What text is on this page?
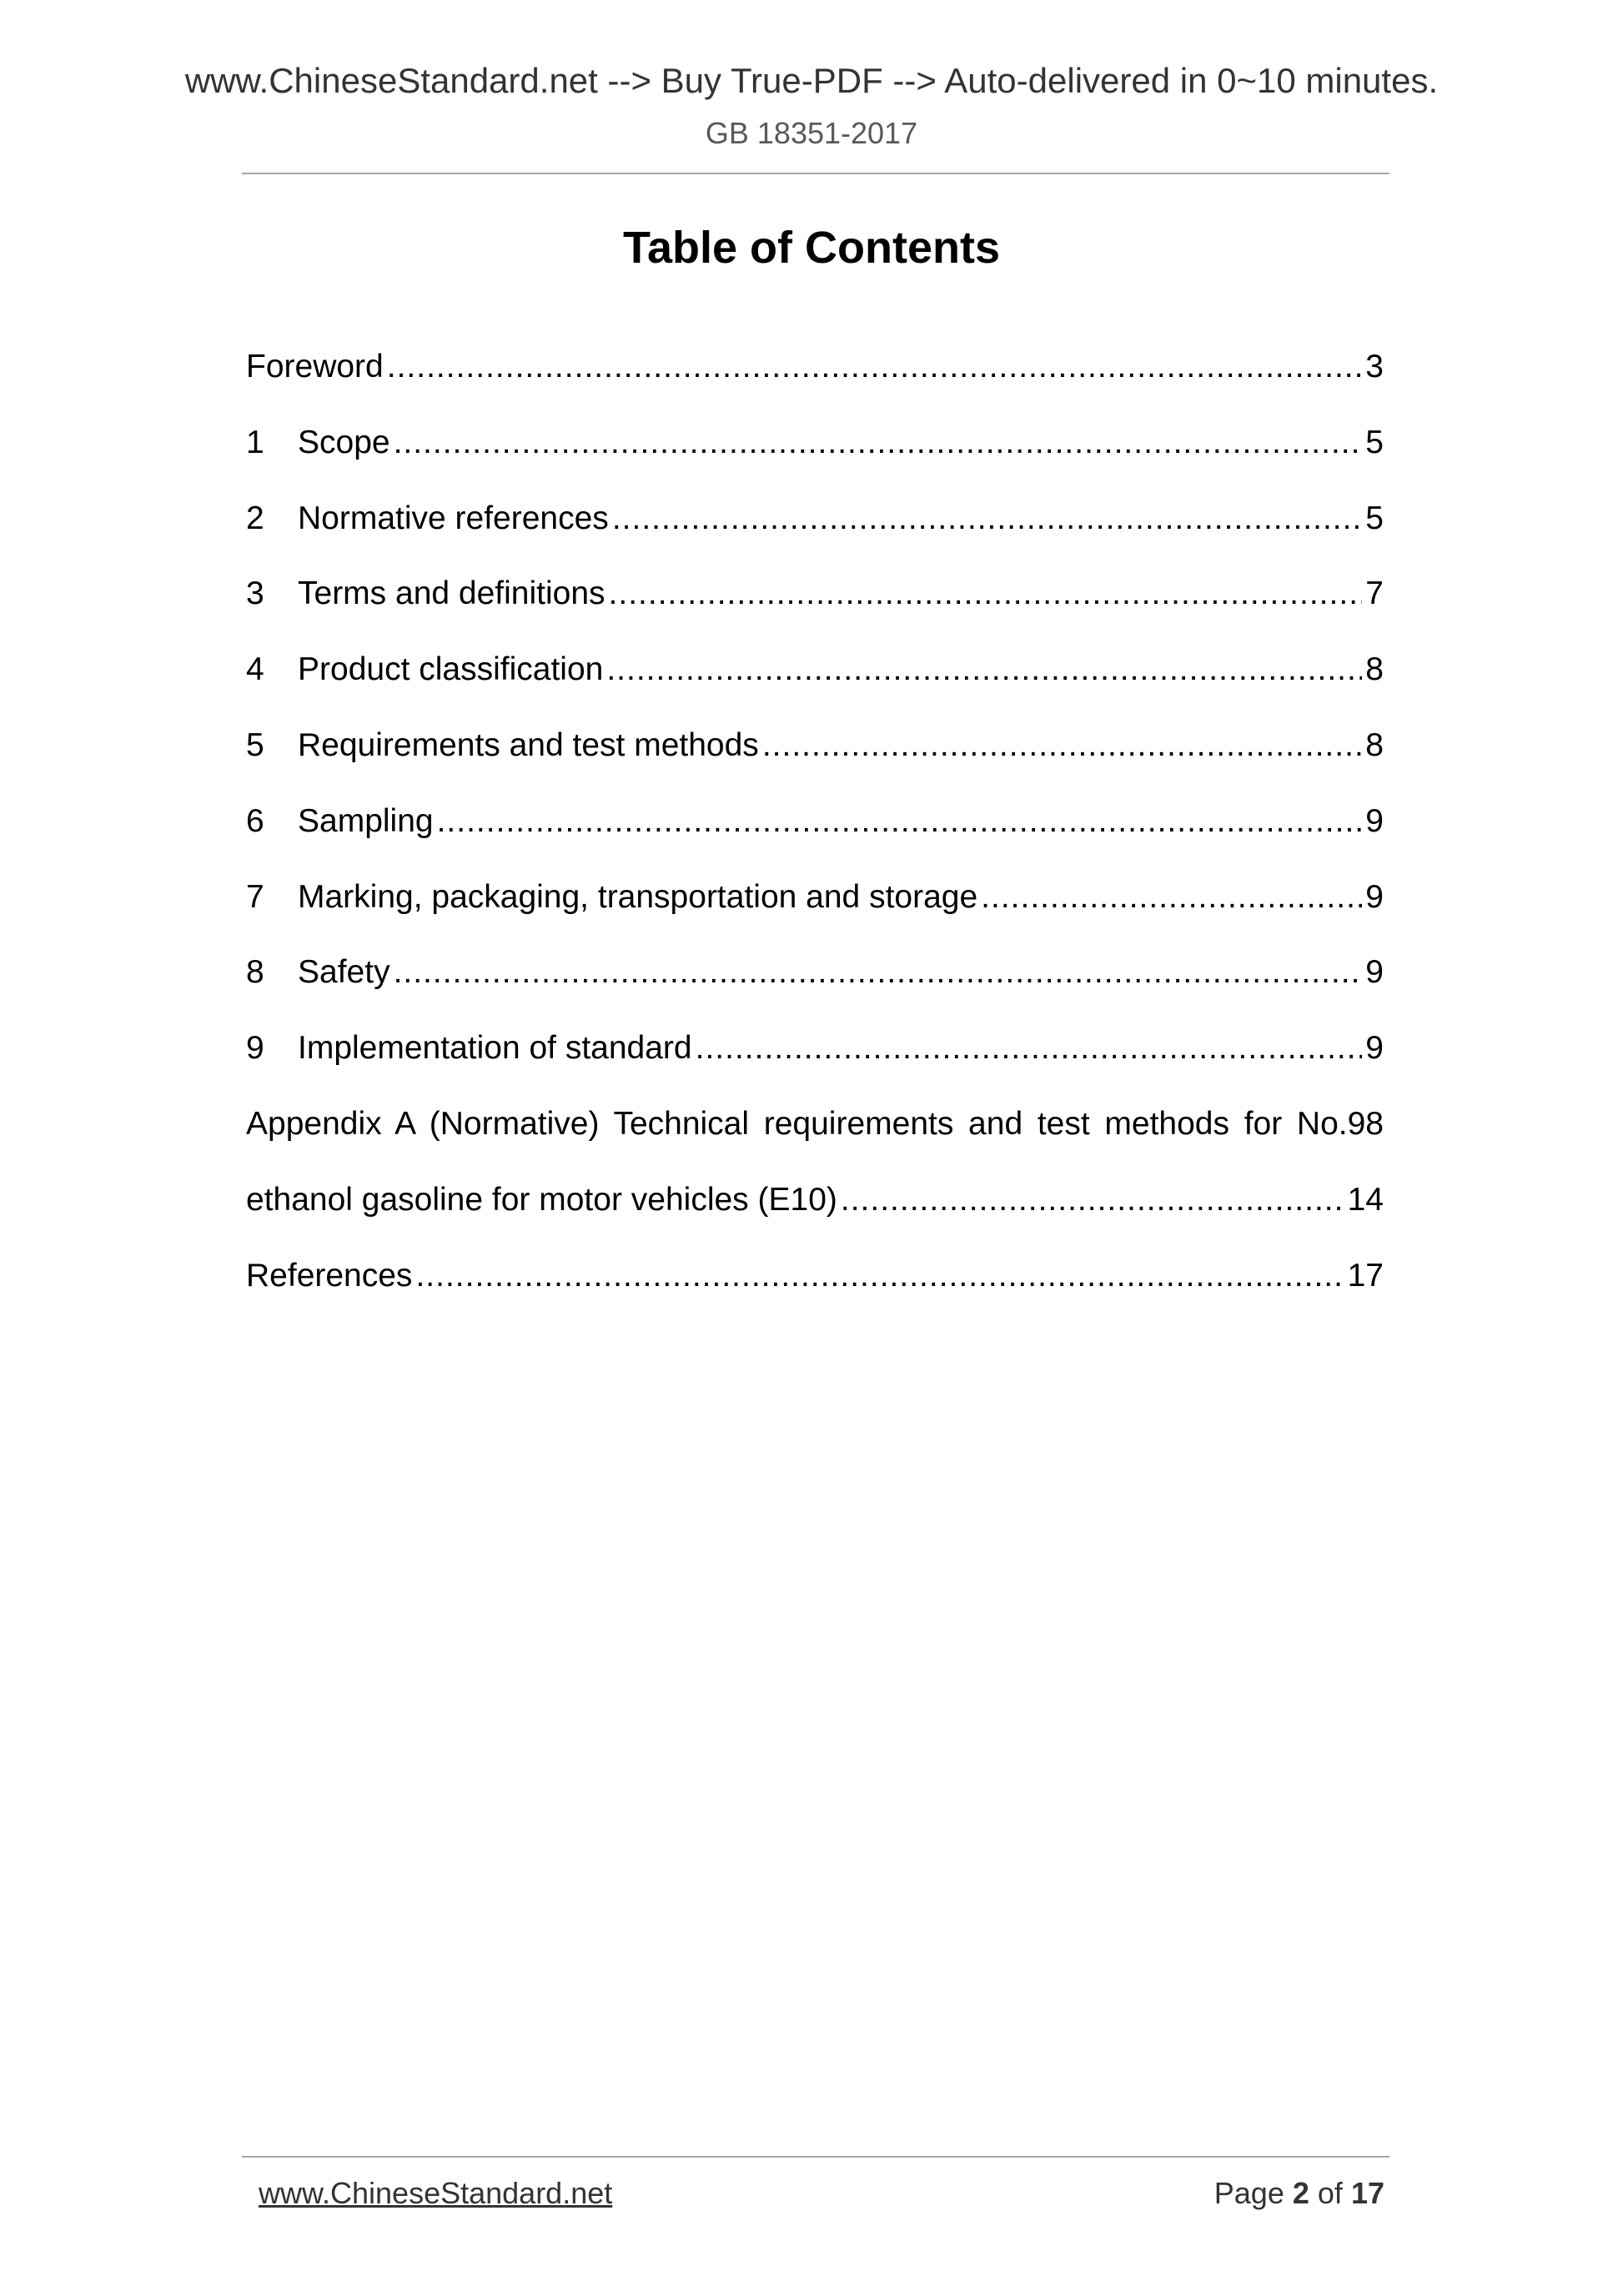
www.ChineseStandard.net --> Buy True-PDF --> Auto-delivered in 0~10 minutes.
GB 18351-2017
Table of Contents
Foreword .....	3
1	Scope .....	5
2	Normative references .....	5
3	Terms and definitions .....	7
4	Product classification .....	8
5	Requirements and test methods .....	8
6	Sampling .....	9
7	Marking, packaging, transportation and storage .....	9
8	Safety .....	9
9	Implementation of standard .....	9
Appendix A (Normative) Technical requirements and test methods for No.98
ethanol gasoline for motor vehicles (E10) .....	14
References .....	17
www.ChineseStandard.net	Page 2 of 17
